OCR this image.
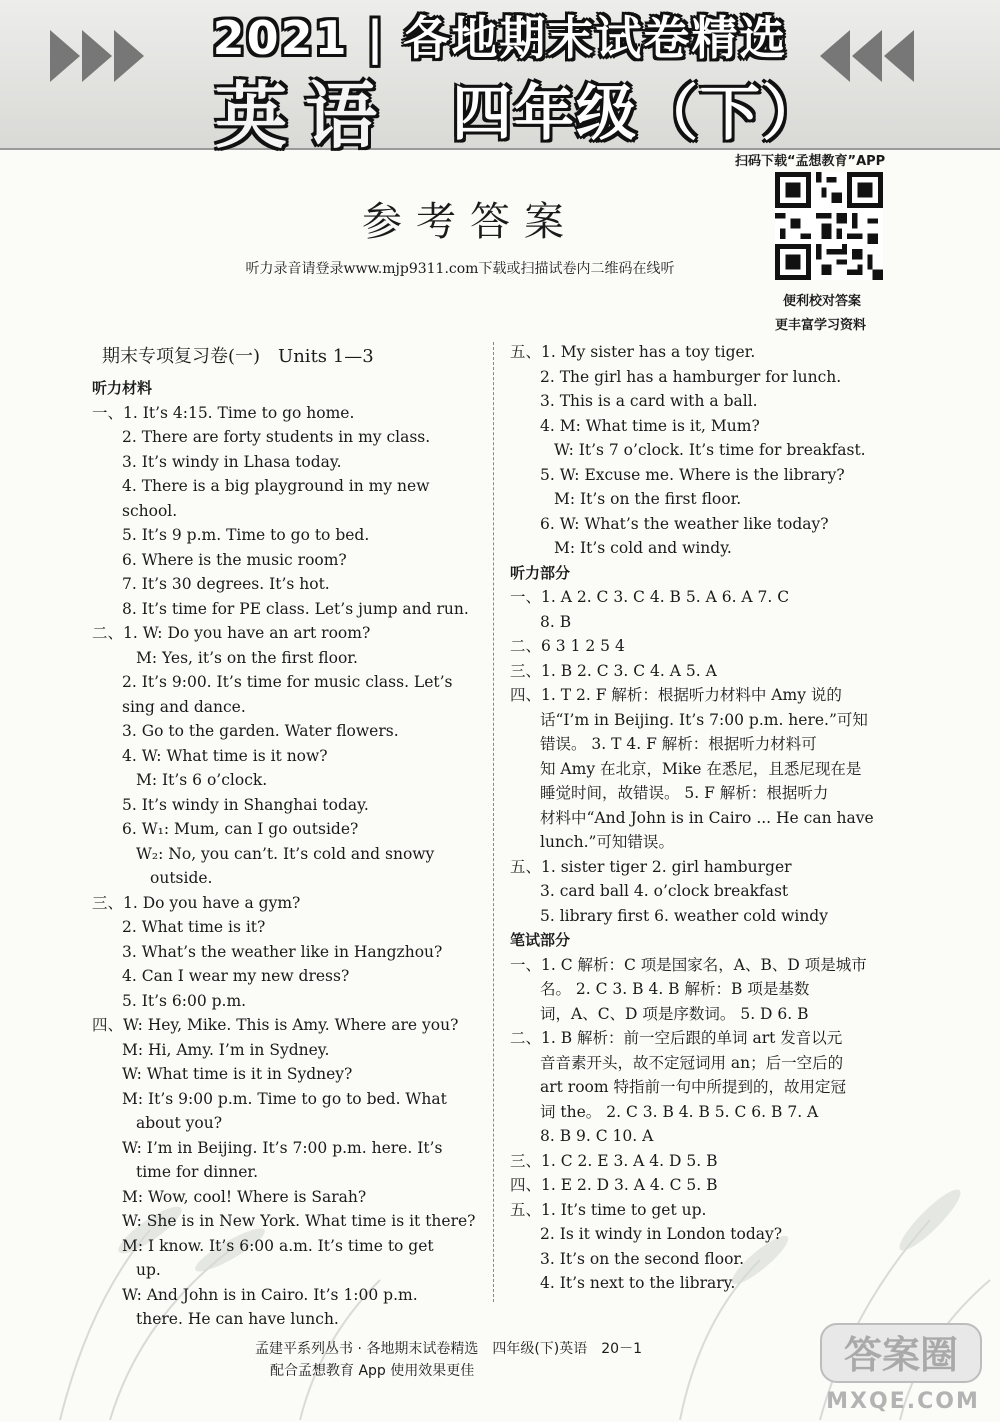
2021 | 各地期末试卷精选
英语 四年级（下）
扫码下载“孟想教育”APP
便利校对答案
更丰富学习资料
参考答案
听力录音请登录www.mjp9311.com下载或扫描试卷内二维码在线听
期末专项复习卷(一)　Units 1—3
听力材料
一、1. It’s 4:15. Time to go home.
2. There are forty students in my class.
3. It’s windy in Lhasa today.
4. There is a big playground in my new school.
5. It’s 9 p.m. Time to go to bed.
6. Where is the music room?
7. It’s 30 degrees. It’s hot.
8. It’s time for PE class. Let’s jump and run.
二、1. W: Do you have an art room?
M: Yes, it’s on the first floor.
2. It’s 9:00. It’s time for music class. Let’s
sing and dance.
3. Go to the garden. Water flowers.
4. W: What time is it now?
M: It’s 6 o’clock.
5. It’s windy in Shanghai today.
6. W₁: Mum, can I go outside?
W₂: No, you can’t. It’s cold and snowy
outside.
三、1. Do you have a gym?
2. What time is it?
3. What’s the weather like in Hangzhou?
4. Can I wear my new dress?
5. It’s 6:00 p.m.
四、W: Hey, Mike. This is Amy. Where are you?
M: Hi, Amy. I’m in Sydney.
W: What time is it in Sydney?
M: It’s 9:00 p.m. Time to go to bed. What
about you?
W: I’m in Beijing. It’s 7:00 p.m. here. It’s
time for dinner.
M: Wow, cool! Where is Sarah?
W: She is in New York. What time is it there?
M: I know. It’s 6:00 a.m. It’s time to get
up.
W: And John is in Cairo. It’s 1:00 p.m.
there. He can have lunch.
五、1. My sister has a toy tiger.
2. The girl has a hamburger for lunch.
3. This is a card with a ball.
4. M: What time is it, Mum?
W: It’s 7 o’clock. It’s time for breakfast.
5. W: Excuse me. Where is the library?
M: It’s on the first floor.
6. W: What’s the weather like today?
M: It’s cold and windy.
听力部分
一、1. A 2. C 3. C 4. B 5. A 6. A 7. C
8. B
二、6 3 1 2 5 4
三、1. B 2. C 3. C 4. A 5. A
四、1. T 2. F 解析：根据听力材料中 Amy 说的
话“I’m in Beijing. It’s 7:00 p.m. here.”可知
错误。 3. T 4. F 解析：根据听力材料可
知 Amy 在北京，Mike 在悉尼，且悉尼现在是
睡觉时间，故错误。 5. F 解析：根据听力
材料中“And John is in Cairo ... He can have
lunch.”可知错误。
五、1. sister tiger 2. girl hamburger
3. card ball 4. o’clock breakfast
5. library first 6. weather cold windy
笔试部分
一、1. C 解析：C 项是国家名，A、B、D 项是城市
名。 2. C 3. B 4. B 解析：B 项是基数
词，A、C、D 项是序数词。 5. D 6. B
二、1. B 解析：前一空后跟的单词 art 发音以元
音音素开头，故不定冠词用 an；后一空后的
art room 特指前一句中所提到的，故用定冠
词 the。 2. C 3. B 4. B 5. C 6. B 7. A
8. B 9. C 10. A
三、1. C 2. E 3. A 4. D 5. B
四、1. E 2. D 3. A 4. C 5. B
五、1. It’s time to get up.
2. Is it windy in London today?
3. It’s on the second floor.
4. It’s next to the library.
孟建平系列丛书 · 各地期末试卷精选　四年级(下)英语　20－1
配合孟想教育 App 使用效果更佳	答案圈
MXQE.COM
